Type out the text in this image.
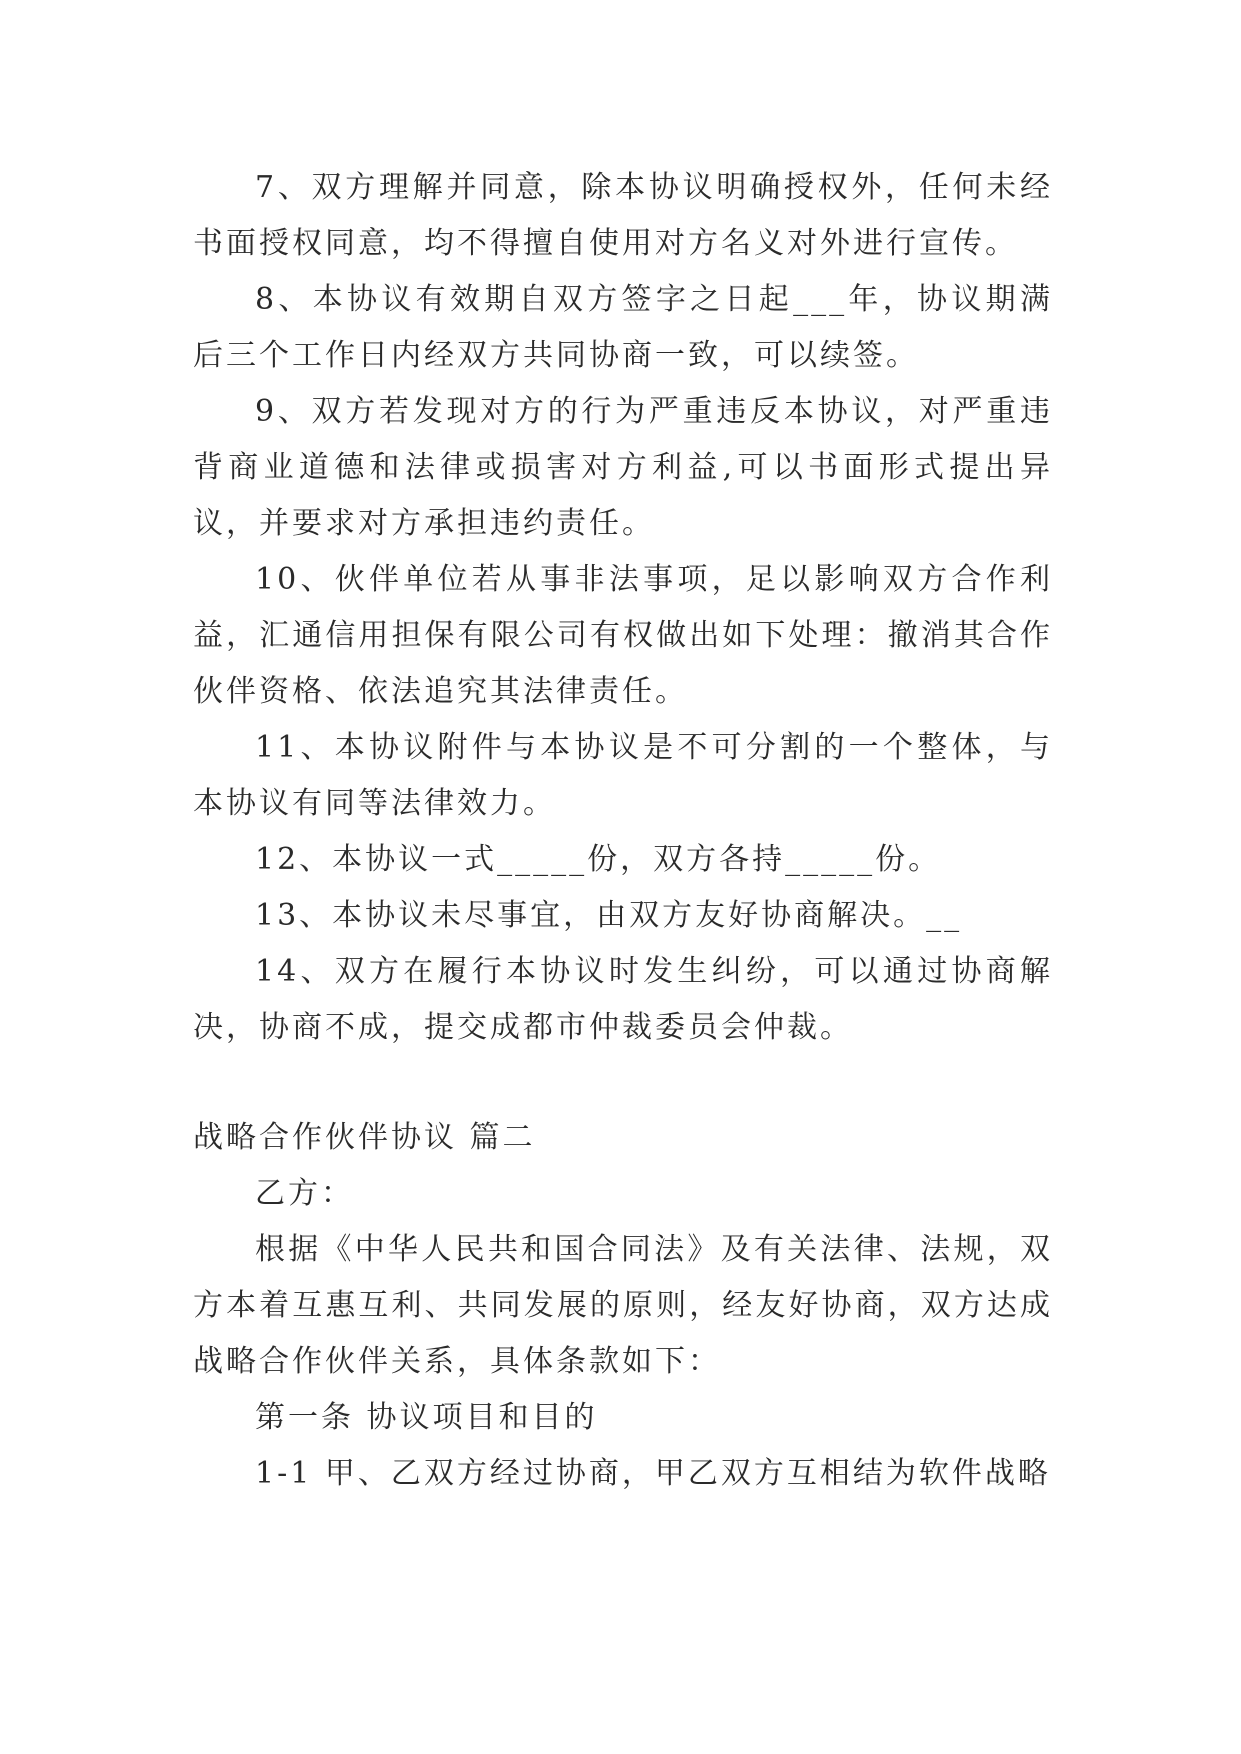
7、双方理解并同意，除本协议明确授权外，任何未经书面授权同意，均不得擅自使用对方名义对外进行宣传。

8、本协议有效期自双方签字之日起___年，协议期满后三个工作日内经双方共同协商一致，可以续签。

9、双方若发现对方的行为严重违反本协议，对严重违背商业道德和法律或损害对方利益,可以书面形式提出异议，并要求对方承担违约责任。

10、伙伴单位若从事非法事项，足以影响双方合作利益，汇通信用担保有限公司有权做出如下处理：撤消其合作伙伴资格、依法追究其法律责任。

11、本协议附件与本协议是不可分割的一个整体，与本协议有同等法律效力。

12、本协议一式_____份，双方各持_____份。

13、本协议未尽事宜，由双方友好协商解决。__

14、双方在履行本协议时发生纠纷，可以通过协商解决，协商不成，提交成都市仲裁委员会仲裁。

战略合作伙伴协议 篇二

乙方：

根据《中华人民共和国合同法》及有关法律、法规，双方本着互惠互利、共同发展的原则，经友好协商，双方达成战略合作伙伴关系，具体条款如下：

第一条 协议项目和目的

1-1 甲、乙双方经过协商，甲乙双方互相结为软件战略
